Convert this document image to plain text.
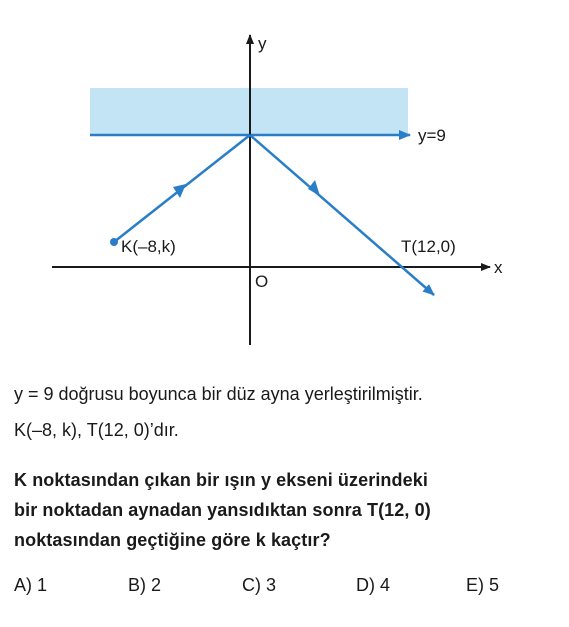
y
y=9
K(–8,k)	T(12,0)
x
O

y = 9 doğrusu boyunca bir düz ayna yerleştirilmiştir.

K(–8, k), T(12, 0)’dır.

K noktasından çıkan bir ışın y ekseni üzerindeki

bir noktadan aynadan yansıdıktan sonra T(12, 0)

noktasından geçtiğine göre k kaçtır?

A) 1	B) 2	C) 3	D) 4	E) 5
